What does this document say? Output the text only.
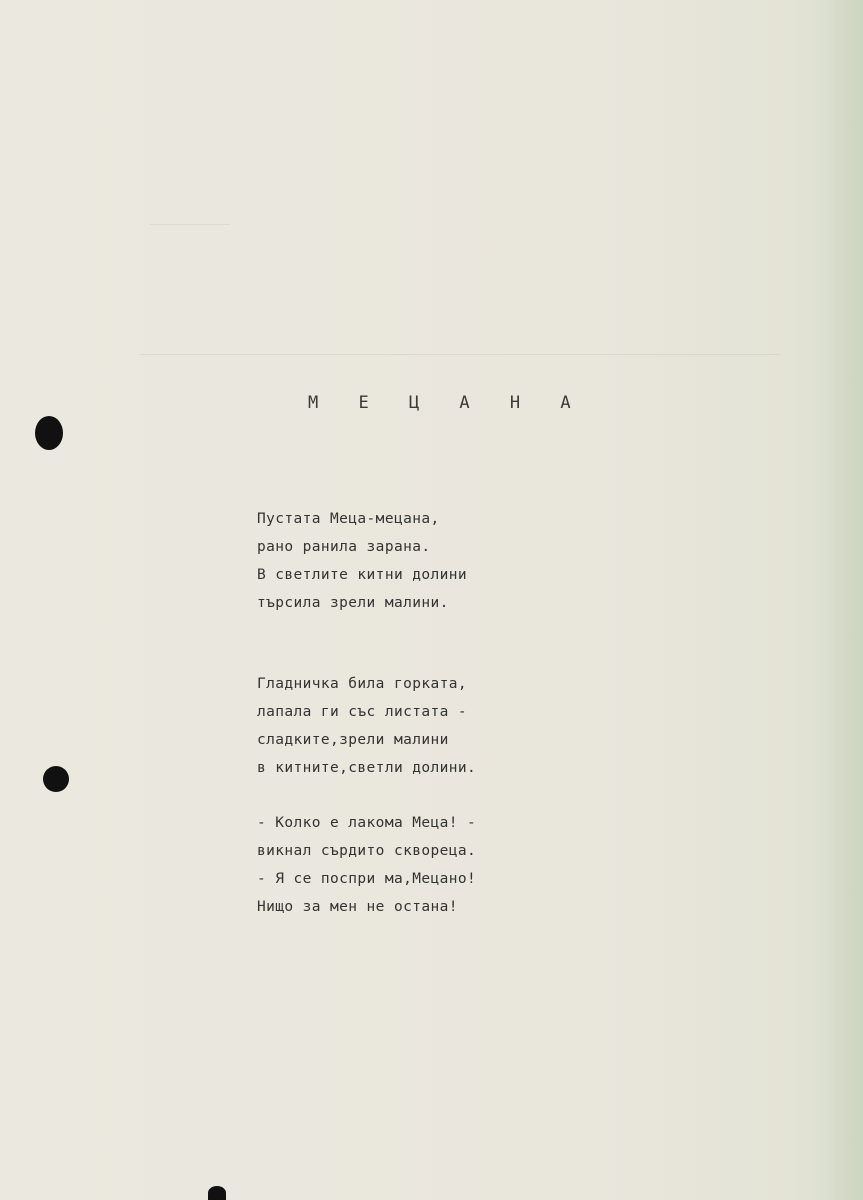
М Е Ц А Н А
Пустата Меца-мецана,
рано ранила зарана.
В светлите китни долини
търсила зрели малини.
Гладничка била горката,
лапала ги със листата -
сладките,зрели малини
в китните,светли долини.
- Колко е лакома Меца! -
викнал сърдито сквореца.
- Я се поспри ма,Мецано!
Нищо за мен не остана!
